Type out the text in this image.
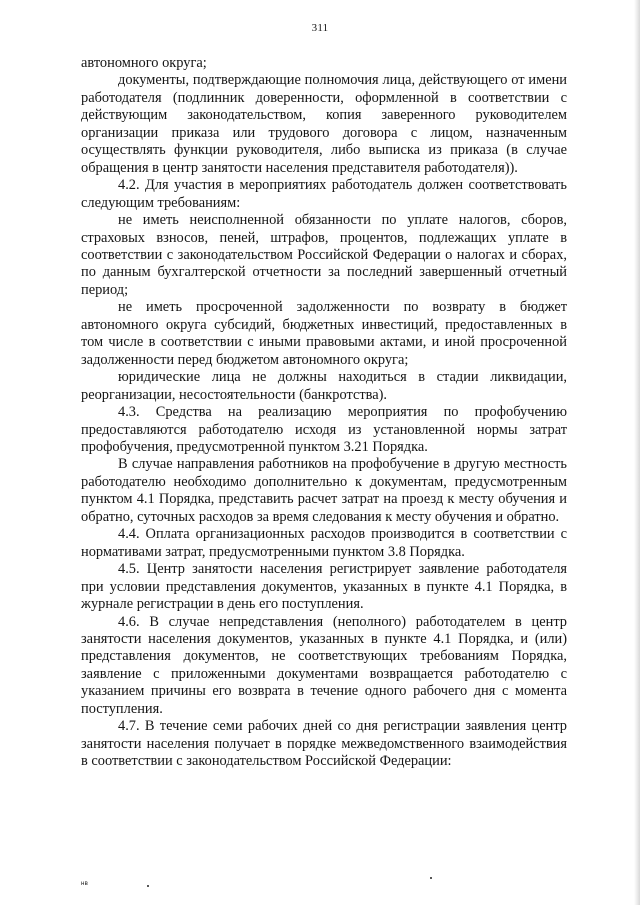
311

автономного округа;

документы, подтверждающие полномочия лица, действующего от имени работодателя (подлинник доверенности, оформленной в соответствии с действующим законодательством, копия заверенного руководителем организации приказа или трудового договора с лицом, назначенным осуществлять функции руководителя, либо выписка из приказа (в случае обращения в центр занятости населения представителя работодателя)).

4.2. Для участия в мероприятиях работодатель должен соответствовать следующим требованиям:

не иметь неисполненной обязанности по уплате налогов, сборов, страховых взносов, пеней, штрафов, процентов, подлежащих уплате в соответствии с законодательством Российской Федерации о налогах и сборах, по данным бухгалтерской отчетности за последний завершенный отчетный период;

не иметь просроченной задолженности по возврату в бюджет автономного округа субсидий, бюджетных инвестиций, предоставленных в том числе в соответствии с иными правовыми актами, и иной просроченной задолженности перед бюджетом автономного округа;

юридические лица не должны находиться в стадии ликвидации, реорганизации, несостоятельности (банкротства).

4.3. Средства на реализацию мероприятия по профобучению предоставляются работодателю исходя из установленной нормы затрат профобучения, предусмотренной пунктом 3.21 Порядка.

В случае направления работников на профобучение в другую местность работодателю необходимо дополнительно к документам, предусмотренным пунктом 4.1 Порядка, представить расчет затрат на проезд к месту обучения и обратно, суточных расходов за время следования к месту обучения и обратно.

4.4. Оплата организационных расходов производится в соответствии с нормативами затрат, предусмотренными пунктом 3.8 Порядка.

4.5. Центр занятости населения регистрирует заявление работодателя при условии представления документов, указанных в пункте 4.1 Порядка, в журнале регистрации в день его поступления.

4.6. В случае непредставления (неполного) работодателем в центр занятости населения документов, указанных в пункте 4.1 Порядка, и (или) представления документов, не соответствующих требованиям Порядка, заявление с приложенными документами возвращается работодателю с указанием причины его возврата в течение одного рабочего дня с момента поступления.

4.7. В течение семи рабочих дней со дня регистрации заявления центр занятости населения получает в порядке межведомственного взаимодействия в соответствии с законодательством Российской Федерации:

нв
